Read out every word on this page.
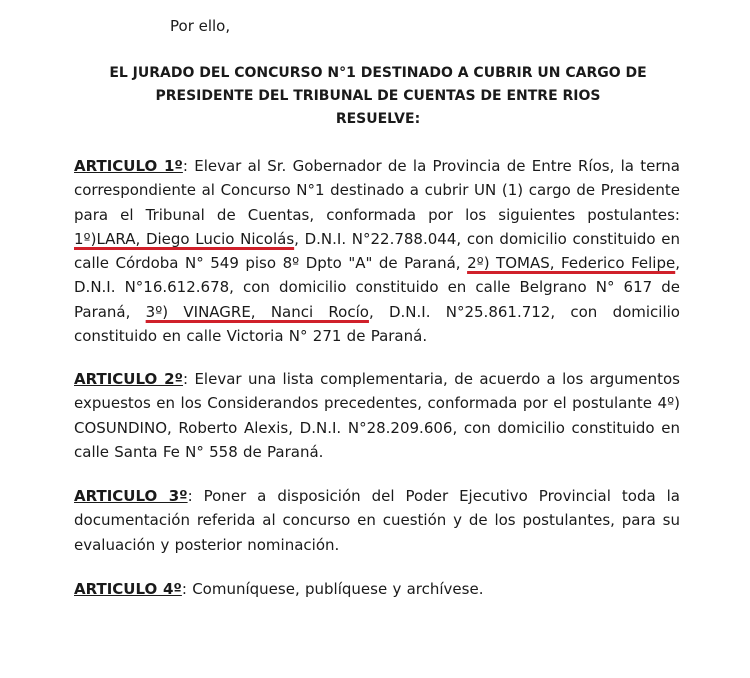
Por ello,
EL JURADO DEL CONCURSO N°1 DESTINADO A CUBRIR UN CARGO DE
PRESIDENTE DEL TRIBUNAL DE CUENTAS DE ENTRE RIOS
RESUELVE:
ARTICULO 1º: Elevar al Sr. Gobernador de la Provincia de Entre Ríos, la terna correspondiente al Concurso N°1 destinado a cubrir UN (1) cargo de Presidente para el Tribunal de Cuentas, conformada por los siguientes postulantes: 1º)LARA, Diego Lucio Nicolás, D.N.I. N°22.788.044, con domicilio constituido en calle Córdoba N° 549 piso 8º Dpto "A" de Paraná, 2º) TOMAS, Federico Felipe, D.N.I. N°16.612.678, con domicilio constituido en calle Belgrano N° 617 de Paraná, 3º) VINAGRE, Nanci Rocío, D.N.I. N°25.861.712, con domicilio constituido en calle Victoria N° 271 de Paraná.
ARTICULO 2º: Elevar una lista complementaria, de acuerdo a los argumentos expuestos en los Considerandos precedentes, conformada por el postulante 4º) COSUNDINO, Roberto Alexis, D.N.I. N°28.209.606, con domicilio constituido en calle Santa Fe N° 558 de Paraná.
ARTICULO 3º: Poner a disposición del Poder Ejecutivo Provincial toda la documentación referida al concurso en cuestión y de los postulantes, para su evaluación y posterior nominación.
ARTICULO 4º: Comuníquese, publíquese y archívese.
